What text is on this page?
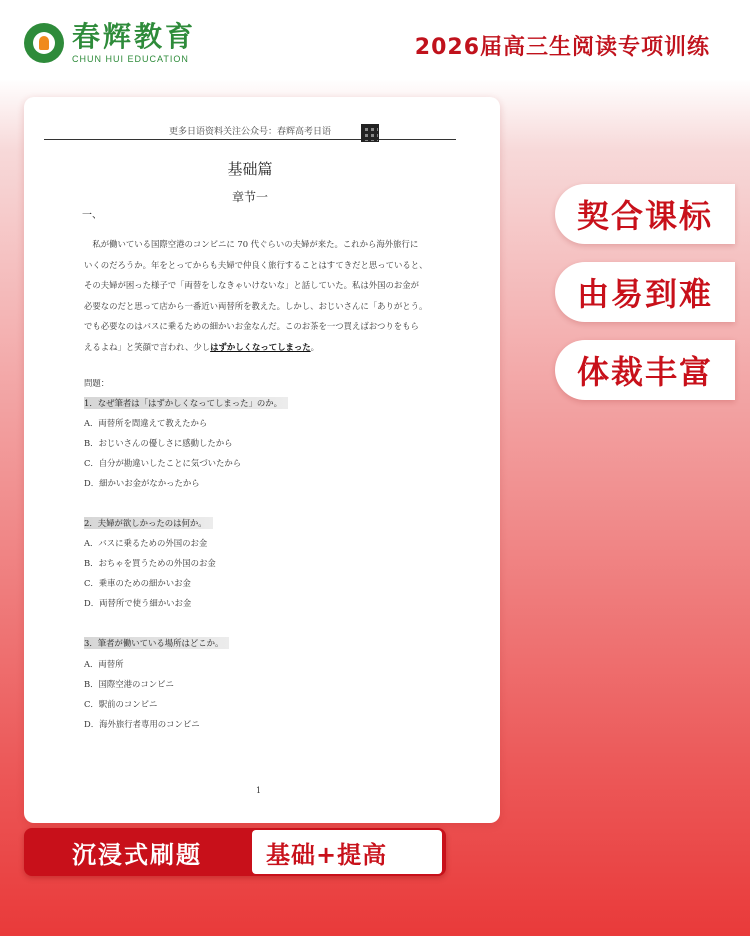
春辉教育
CHUN HUI EDUCATION	2026届高三生阅读专项训练
更多日语资料关注公众号：春辉高考日语
基础篇
章节一
一、
　私が働いている国際空港のコンビニに 70 代ぐらいの夫婦が来た。これから海外旅行に
いくのだろうか。年をとってからも夫婦で仲良く旅行することはすてきだと思っていると、
その夫婦が困った様子で「両替をしなきゃいけないな」と話していた。私は外国のお金が
必要なのだと思って店から一番近い両替所を教えた。しかし、おじいさんに「ありがとう。
でも必要なのはバスに乗るための細かいお金なんだ。このお茶を一つ買えばおつりをもら
えるよね」と笑顔で言われ、少しはずかしくなってしまった。
問題：
1．なぜ筆者は「はずかしくなってしまった」のか。
A．両替所を間違えて教えたから
B．おじいさんの優しさに感動したから
C．自分が勘違いしたことに気づいたから
D．細かいお金がなかったから
2．夫婦が欲しかったのは何か。
A．バスに乗るための外国のお金
B．おちゃを買うための外国のお金
C．乗車のための細かいお金
D．両替所で使う細かいお金
3．筆者が働いている場所はどこか。
A．両替所
B．国際空港のコンビニ
C．駅前のコンビニ
D．海外旅行者専用のコンビニ
1
契合课标
由易到难
体裁丰富
沉浸式刷题	基础+提高
